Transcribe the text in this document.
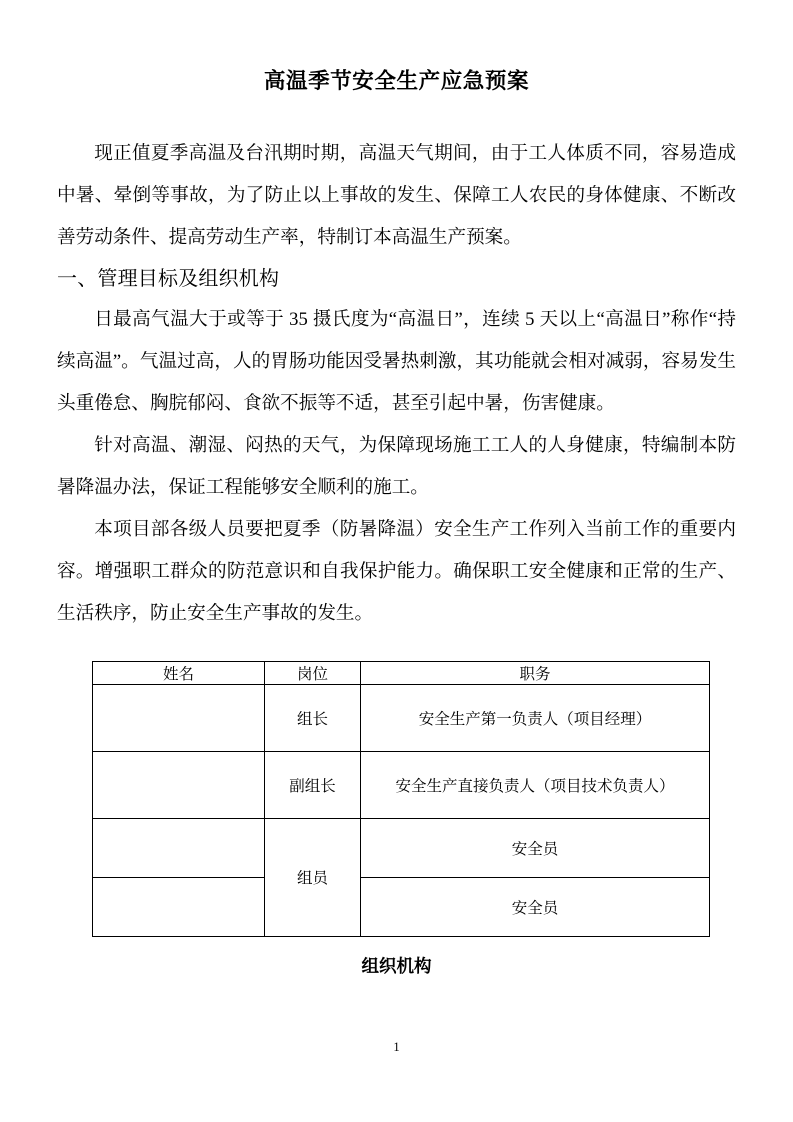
高温季节安全生产应急预案

现正值夏季高温及台汛期时期，高温天气期间，由于工人体质不同，容易造成中暑、晕倒等事故，为了防止以上事故的发生、保障工人农民的身体健康、不断改善劳动条件、提高劳动生产率，特制订本高温生产预案。

一、管理目标及组织机构

日最高气温大于或等于 35 摄氏度为“高温日”，连续 5 天以上“高温日”称作“持续高温”。气温过高，人的胃肠功能因受暑热刺激，其功能就会相对减弱，容易发生头重倦怠、胸脘郁闷、食欲不振等不适，甚至引起中暑，伤害健康。

针对高温、潮湿、闷热的天气，为保障现场施工工人的人身健康，特编制本防暑降温办法，保证工程能够安全顺利的施工。

本项目部各级人员要把夏季（防暑降温）安全生产工作列入当前工作的重要内容。增强职工群众的防范意识和自我保护能力。确保职工安全健康和正常的生产、生活秩序，防止安全生产事故的发生。

姓名	岗位	职务
	组长	安全生产第一负责人（项目经理）
	副组长	安全生产直接负责人（项目技术负责人）
	组员	安全员
		安全员
组织机构
1
